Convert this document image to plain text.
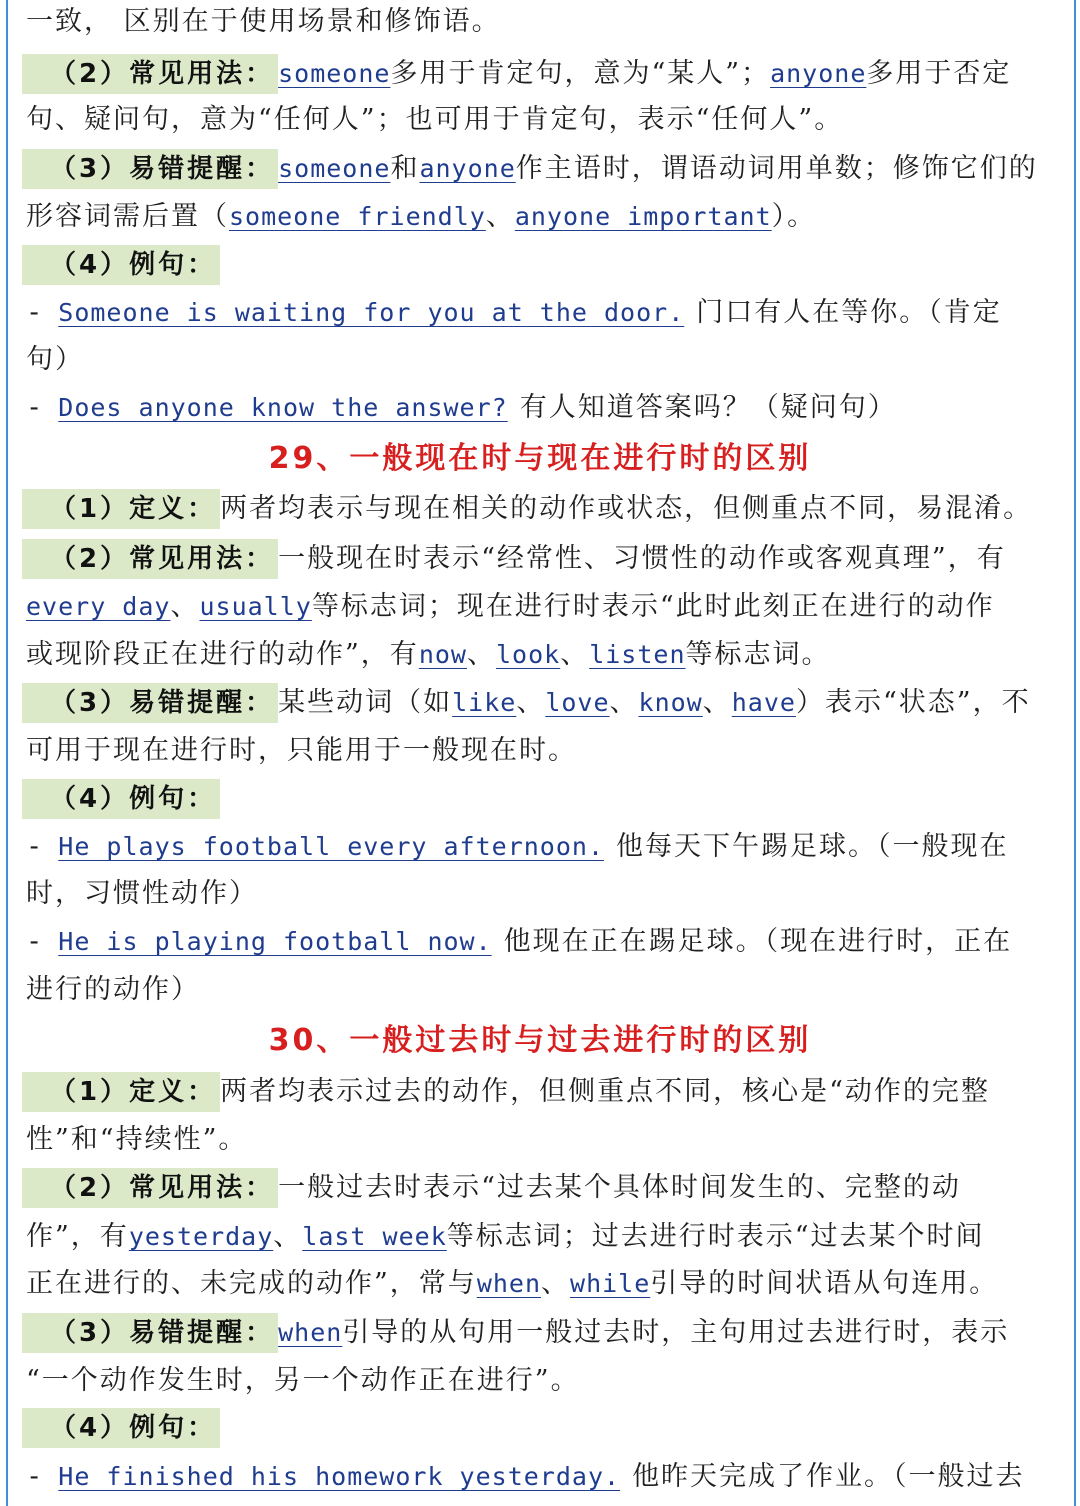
一致， 区别在于使用场景和修饰语。
（2）常见用法： someone多用于肯定句，意为“某人”；anyone多用于否定
句、疑问句，意为“任何人”；也可用于肯定句，表示“任何人”。
（3）易错提醒： someone和anyone作主语时，谓语动词用单数；修饰它们的
形容词需后置（someone friendly、anyone important）。
（4）例句：
- Someone is waiting for you at the door. 门口有人在等你。（肯定
句）
- Does anyone know the answer? 有人知道答案吗？（疑问句）
29、一般现在时与现在进行时的区别
（1）定义： 两者均表示与现在相关的动作或状态，但侧重点不同，易混淆。
（2）常见用法： 一般现在时表示“经常性、习惯性的动作或客观真理”，有
every day、usually等标志词；现在进行时表示“此时此刻正在进行的动作
或现阶段正在进行的动作”，有now、look、listen等标志词。
（3）易错提醒： 某些动词（如like、love、know、have）表示“状态”，不
可用于现在进行时，只能用于一般现在时。
（4）例句：
- He plays football every afternoon. 他每天下午踢足球。（一般现在
时，习惯性动作）
- He is playing football now. 他现在正在踢足球。（现在进行时，正在
进行的动作）
30、一般过去时与过去进行时的区别
（1）定义： 两者均表示过去的动作，但侧重点不同，核心是“动作的完整
性”和“持续性”。
（2）常见用法： 一般过去时表示“过去某个具体时间发生的、完整的动
作”，有yesterday、last week等标志词；过去进行时表示“过去某个时间
正在进行的、未完成的动作”，常与when、while引导的时间状语从句连用。
（3）易错提醒： when引导的从句用一般过去时，主句用过去进行时，表示
“一个动作发生时，另一个动作正在进行”。
（4）例句：
- He finished his homework yesterday. 他昨天完成了作业。（一般过去
